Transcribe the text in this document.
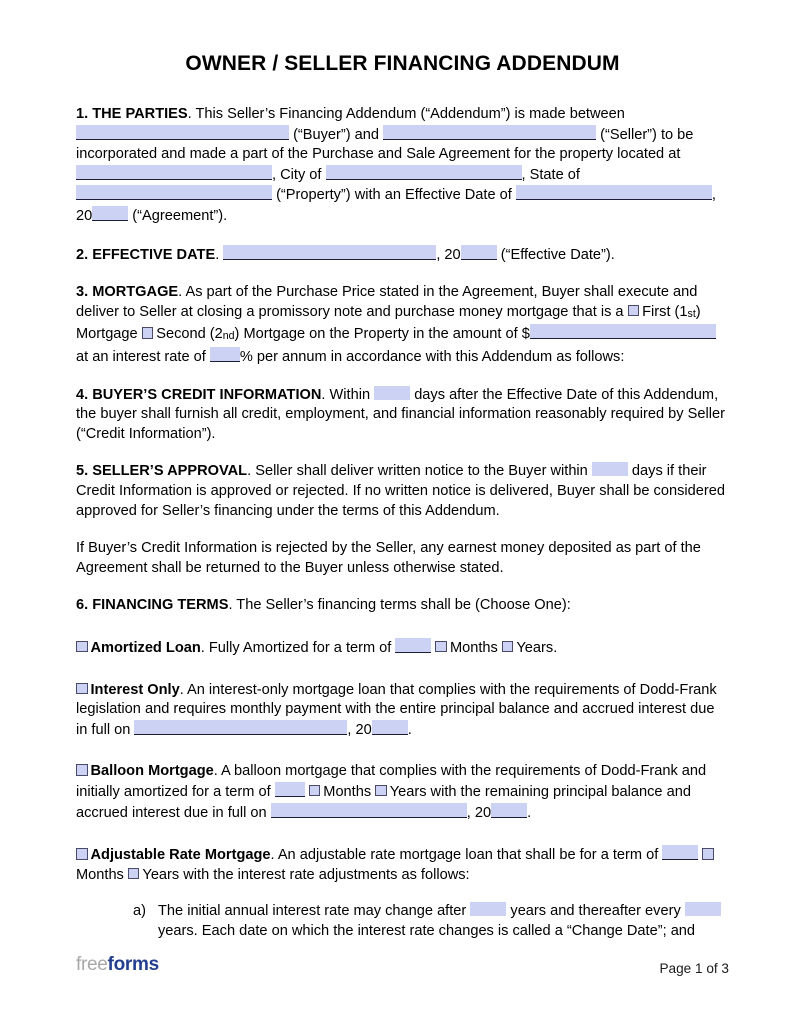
OWNER / SELLER FINANCING ADDENDUM

1. THE PARTIES. This Seller’s Financing Addendum (“Addendum”) is made between  (“Buyer”) and	(“Seller”) to be incorporated and made a part of the Purchase and Sale Agreement for the property located at , City of	, State of  (“Property”) with an Effective Date of	, 20	(“Agreement”).

2. EFFECTIVE DATE.	, 20	(“Effective Date”).

3. MORTGAGE. As part of the Purchase Price stated in the Agreement, Buyer shall execute and deliver to Seller at closing a promissory note and purchase money mortgage that is a First (1st) Mortgage Second (2nd) Mortgage on the Property in the amount of $ at an interest rate of % per annum in accordance with this Addendum as follows:

4. BUYER’S CREDIT INFORMATION. Within	days after the Effective Date of this Addendum, the buyer shall furnish all credit, employment, and financial information reasonably required by Seller (“Credit Information”).

5. SELLER’S APPROVAL. Seller shall deliver written notice to the Buyer within	days if their Credit Information is approved or rejected. If no written notice is delivered, Buyer shall be considered approved for Seller’s financing under the terms of this Addendum.

If Buyer’s Credit Information is rejected by the Seller, any earnest money deposited as part of the Agreement shall be returned to the Buyer unless otherwise stated.

6. FINANCING TERMS. The Seller’s financing terms shall be (Choose One):

Amortized Loan. Fully Amortized for a term of	Months Years.

Interest Only. An interest-only mortgage loan that complies with the requirements of Dodd-Frank legislation and requires monthly payment with the entire principal balance and accrued interest due in full on	, 20 .

Balloon Mortgage. A balloon mortgage that complies with the requirements of Dodd-Frank and initially amortized for a term of	Months Years with the remaining principal balance and accrued interest due in full on	, 20 .

Adjustable Rate Mortgage. An adjustable rate mortgage loan that shall be for a term of  Months Years with the interest rate adjustments as follows:

a) The initial annual interest rate may change after	years and thereafter every  years. Each date on which the interest rate changes is called a “Change Date”; and
freeforms	Page 1 of 3
